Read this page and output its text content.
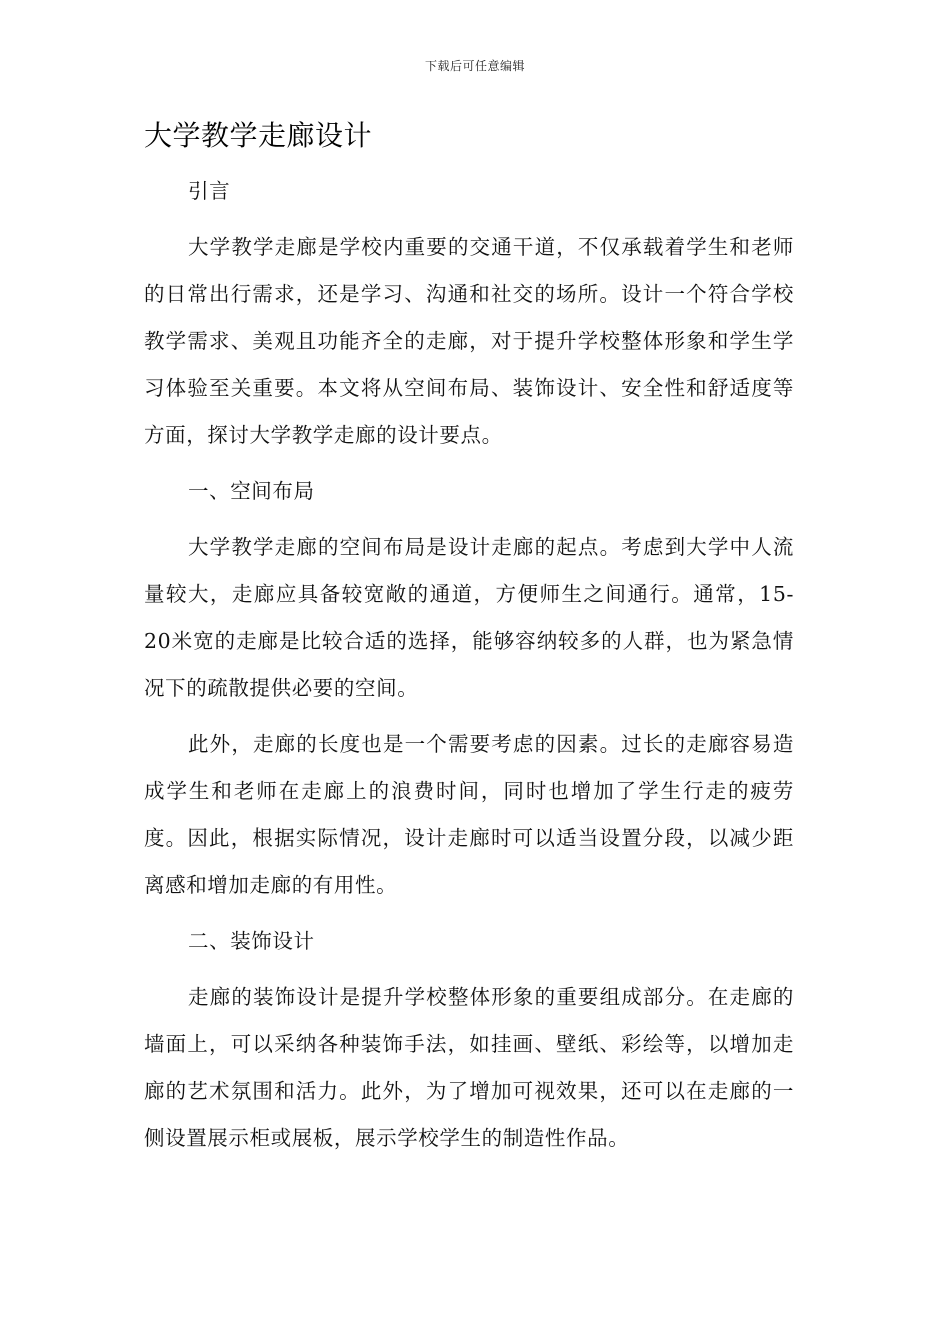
下载后可任意编辑
大学教学走廊设计
引言

大学教学走廊是学校内重要的交通干道，不仅承载着学生和老师的日常出行需求，还是学习、沟通和社交的场所。设计一个符合学校教学需求、美观且功能齐全的走廊，对于提升学校整体形象和学生学习体验至关重要。本文将从空间布局、装饰设计、安全性和舒适度等方面，探讨大学教学走廊的设计要点。

一、空间布局

大学教学走廊的空间布局是设计走廊的起点。考虑到大学中人流量较大，走廊应具备较宽敞的通道，方便师生之间通行。通常，15-20米宽的走廊是比较合适的选择，能够容纳较多的人群，也为紧急情况下的疏散提供必要的空间。

此外，走廊的长度也是一个需要考虑的因素。过长的走廊容易造成学生和老师在走廊上的浪费时间，同时也增加了学生行走的疲劳度。因此，根据实际情况，设计走廊时可以适当设置分段，以减少距离感和增加走廊的有用性。

二、装饰设计

走廊的装饰设计是提升学校整体形象的重要组成部分。在走廊的墙面上，可以采纳各种装饰手法，如挂画、壁纸、彩绘等，以增加走廊的艺术氛围和活力。此外，为了增加可视效果，还可以在走廊的一侧设置展示柜或展板，展示学校学生的制造性作品。
